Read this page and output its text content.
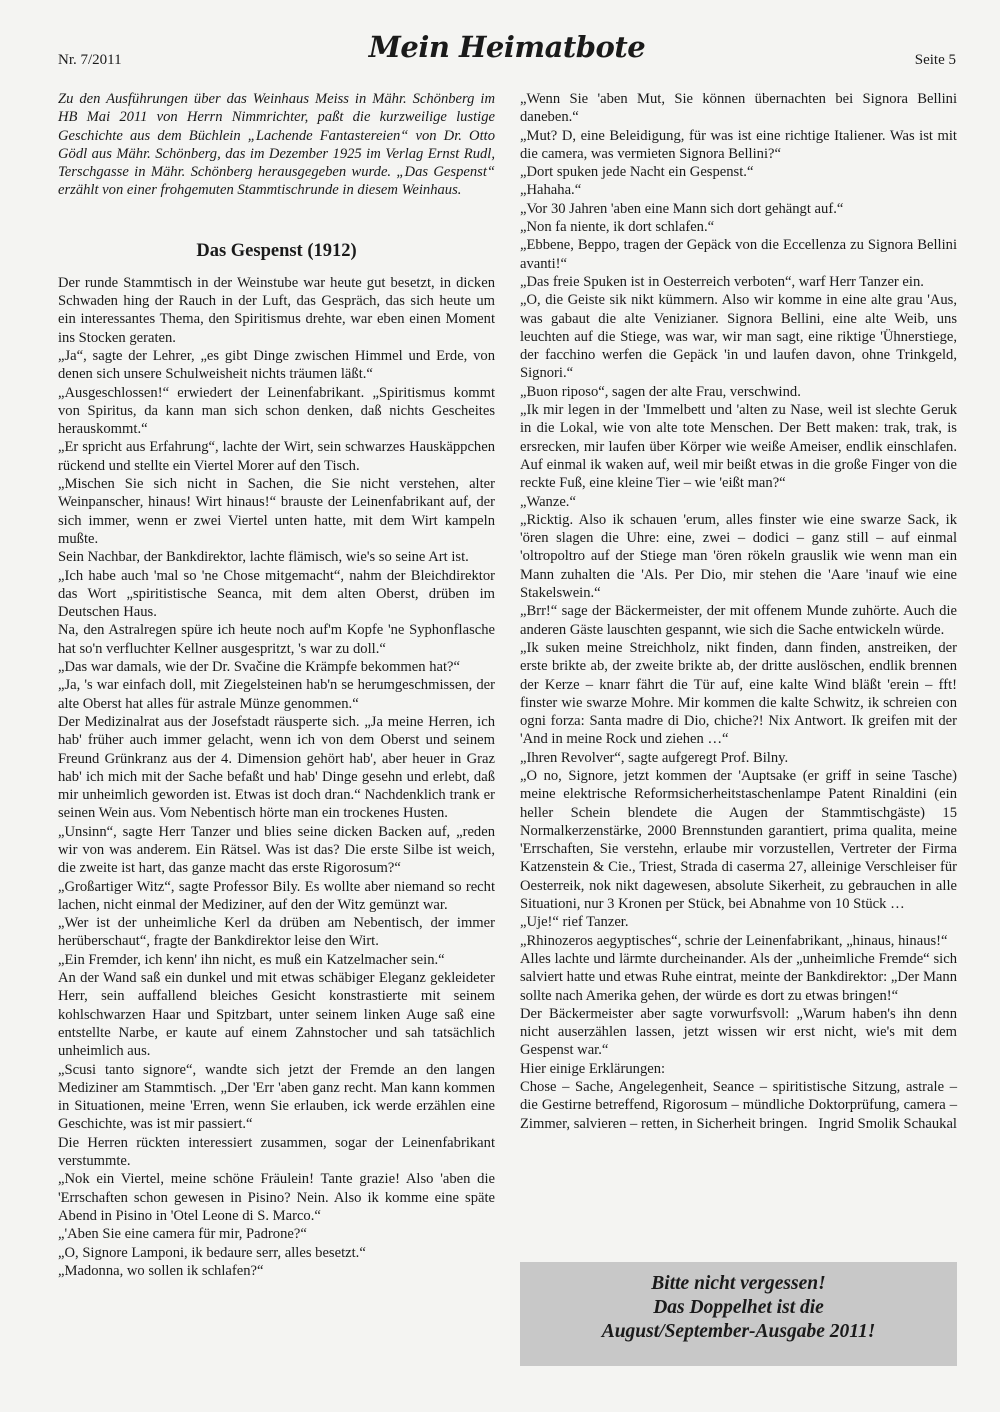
Nr. 7/2011	Mein Heimatbote	Seite 5

Zu den Ausführungen über das Weinhaus Meiss in Mähr. Schönberg im HB Mai 2011 von Herrn Nimmrichter, paßt die kurzweilige lustige Geschichte aus dem Büchlein „Lachende Fantastereien“ von Dr. Otto Gödl aus Mähr. Schönberg, das im Dezember 1925 im Verlag Ernst Rudl, Terschgasse in Mähr. Schönberg herausgegeben wurde. „Das Gespenst“ erzählt von einer frohgemuten Stammtischrunde in diesem Weinhaus.

Das Gespenst (1912)

Der runde Stammtisch in der Weinstube war heute gut besetzt, in dicken Schwaden hing der Rauch in der Luft, das Gespräch, das sich heute um ein interessantes Thema, den Spiritismus drehte, war eben einen Moment ins Stocken geraten.

„Ja“, sagte der Lehrer, „es gibt Dinge zwischen Himmel und Erde, von denen sich unsere Schulweisheit nichts träumen läßt.“

„Ausgeschlossen!“ erwiedert der Leinenfabrikant. „Spiritismus kommt von Spiritus, da kann man sich schon denken, daß nichts Gescheites herauskommt.“

„Er spricht aus Erfahrung“, lachte der Wirt, sein schwarzes Hauskäppchen rückend und stellte ein Viertel Morer auf den Tisch.

„Mischen Sie sich nicht in Sachen, die Sie nicht verstehen, alter Weinpanscher, hinaus! Wirt hinaus!“ brauste der Leinenfabrikant auf, der sich immer, wenn er zwei Viertel unten hatte, mit dem Wirt kampeln mußte.

Sein Nachbar, der Bankdirektor, lachte flämisch, wie's so seine Art ist.

„Ich habe auch 'mal so 'ne Chose mitgemacht“, nahm der Bleichdirektor das Wort „spiritistische Seanca, mit dem alten Oberst, drüben im Deutschen Haus.

Na, den Astralregen spüre ich heute noch auf'm Kopfe 'ne Syphonflasche hat so'n verfluchter Kellner ausgespritzt, 's war zu doll.“

„Das war damals, wie der Dr. Svačine die Krämpfe bekommen hat?“

„Ja, 's war einfach doll, mit Ziegelsteinen hab'n se herumgeschmissen, der alte Oberst hat alles für astrale Münze genommen.“

Der Medizinalrat aus der Josefstadt räusperte sich. „Ja meine Herren, ich hab' früher auch immer gelacht, wenn ich von dem Oberst und seinem Freund Grünkranz aus der 4. Dimension gehört hab', aber heuer in Graz hab' ich mich mit der Sache befaßt und hab' Dinge gesehn und erlebt, daß mir unheimlich geworden ist. Etwas ist doch dran.“ Nachdenklich trank er seinen Wein aus. Vom Nebentisch hörte man ein trockenes Husten.

„Unsinn“, sagte Herr Tanzer und blies seine dicken Backen auf, „reden wir von was anderem. Ein Rätsel. Was ist das? Die erste Silbe ist weich, die zweite ist hart, das ganze macht das erste Rigorosum?“

„Großartiger Witz“, sagte Professor Bily. Es wollte aber niemand so recht lachen, nicht einmal der Mediziner, auf den der Witz gemünzt war.

„Wer ist der unheimliche Kerl da drüben am Nebentisch, der immer herüberschaut“, fragte der Bankdirektor leise den Wirt.

„Ein Fremder, ich kenn' ihn nicht, es muß ein Katzelmacher sein.“

An der Wand saß ein dunkel und mit etwas schäbiger Eleganz gekleideter Herr, sein auffallend bleiches Gesicht konstrastierte mit seinem kohlschwarzen Haar und Spitzbart, unter seinem linken Auge saß eine entstellte Narbe, er kaute auf einem Zahnstocher und sah tatsächlich unheimlich aus.

„Scusi tanto signore“, wandte sich jetzt der Fremde an den langen Mediziner am Stammtisch. „Der 'Err 'aben ganz recht. Man kann kommen in Situationen, meine 'Erren, wenn Sie erlauben, ick werde erzählen eine Geschichte, was ist mir passiert.“

Die Herren rückten interessiert zusammen, sogar der Leinenfabrikant verstummte.

„Nok ein Viertel, meine schöne Fräulein! Tante grazie! Also 'aben die 'Errschaften schon gewesen in Pisino? Nein. Also ik komme eine späte Abend in Pisino in 'Otel Leone di S. Marco.“

„'Aben Sie eine camera für mir, Padrone?“

„O, Signore Lamponi, ik bedaure serr, alles besetzt.“

„Madonna, wo sollen ik schlafen?“

„Wenn Sie 'aben Mut, Sie können übernachten bei Signora Bellini daneben.“

„Mut? D, eine Beleidigung, für was ist eine richtige Italiener. Was ist mit die camera, was vermieten Signora Bellini?“

„Dort spuken jede Nacht ein Gespenst.“

„Hahaha.“

„Vor 30 Jahren 'aben eine Mann sich dort gehängt auf.“

„Non fa niente, ik dort schlafen.“

„Ebbene, Beppo, tragen der Gepäck von die Eccellenza zu Signora Bellini avanti!“

„Das freie Spuken ist in Oesterreich verboten“, warf Herr Tanzer ein.

„O, die Geiste sik nikt kümmern. Also wir komme in eine alte grau 'Aus, was gabaut die alte Venizianer. Signora Bellini, eine alte Weib, uns leuchten auf die Stiege, was war, wir man sagt, eine riktige 'Ühnerstiege, der facchino werfen die Gepäck 'in und laufen davon, ohne Trinkgeld, Signori.“

„Buon riposo“, sagen der alte Frau, verschwind.

„Ik mir legen in der 'Immelbett und 'alten zu Nase, weil ist slechte Geruk in die Lokal, wie von alte tote Menschen. Der Bett maken: trak, trak, is ersrecken, mir laufen über Körper wie weiße Ameiser, endlik einschlafen. Auf einmal ik waken auf, weil mir beißt etwas in die große Finger von die reckte Fuß, eine kleine Tier – wie 'eißt man?“

„Wanze.“

„Ricktig. Also ik schauen 'erum, alles finster wie eine swarze Sack, ik 'ören slagen die Uhre: eine, zwei – dodici – ganz still – auf einmal 'oltropoltro auf der Stiege man 'ören rökeln grauslik wie wenn man ein Mann zuhalten die 'Als. Per Dio, mir stehen die 'Aare 'inauf wie eine Stakelswein.“

„Brr!“ sage der Bäckermeister, der mit offenem Munde zuhörte. Auch die anderen Gäste lauschten gespannt, wie sich die Sache entwickeln würde.

„Ik suken meine Streichholz, nikt finden, dann finden, anstreiken, der erste brikte ab, der zweite brikte ab, der dritte auslöschen, endlik brennen der Kerze – knarr fährt die Tür auf, eine kalte Wind bläßt 'erein – fft! finster wie swarze Mohre. Mir kommen die kalte Schwitz, ik schreien con ogni forza: Santa madre di Dio, chiche?! Nix Antwort. Ik greifen mit der 'And in meine Rock und ziehen …“

„Ihren Revolver“, sagte aufgeregt Prof. Bilny.

„O no, Signore, jetzt kommen der 'Auptsake (er griff in seine Tasche) meine elektrische Reformsicherheitstaschenlampe Patent Rinaldini (ein heller Schein blendete die Augen der Stammtischgäste) 15 Normalkerzenstärke, 2000 Brennstunden garantiert, prima qualita, meine 'Errschaften, Sie verstehn, erlaube mir vorzustellen, Vertreter der Firma Katzenstein & Cie., Triest, Strada di caserma 27, alleinige Verschleiser für Oesterreik, nok nikt dagewesen, absolute Sikerheit, zu gebrauchen in alle Situationi, nur 3 Kronen per Stück, bei Abnahme von 10 Stück …

„Uje!“ rief Tanzer.

„Rhinozeros aegyptisches“, schrie der Leinenfabrikant, „hinaus, hinaus!“

Alles lachte und lärmte durcheinander. Als der „unheimliche Fremde“ sich salviert hatte und etwas Ruhe eintrat, meinte der Bankdirektor: „Der Mann sollte nach Amerika gehen, der würde es dort zu etwas bringen!“

Der Bäckermeister aber sagte vorwurfsvoll: „Warum haben's ihn denn nicht auserzählen lassen, jetzt wissen wir erst nicht, wie's mit dem Gespenst war.“

Hier einige Erklärungen:

Chose – Sache, Angelegenheit, Seance – spiritistische Sitzung, astrale – die Gestirne betreffend, Rigorosum – mündliche Doktorprüfung, camera – Zimmer, salvieren – retten, in Sicherheit bringen. Ingrid Smolik Schaukal
Bitte nicht vergessen!
Das Doppelhet ist die
August/September-Ausgabe 2011!
